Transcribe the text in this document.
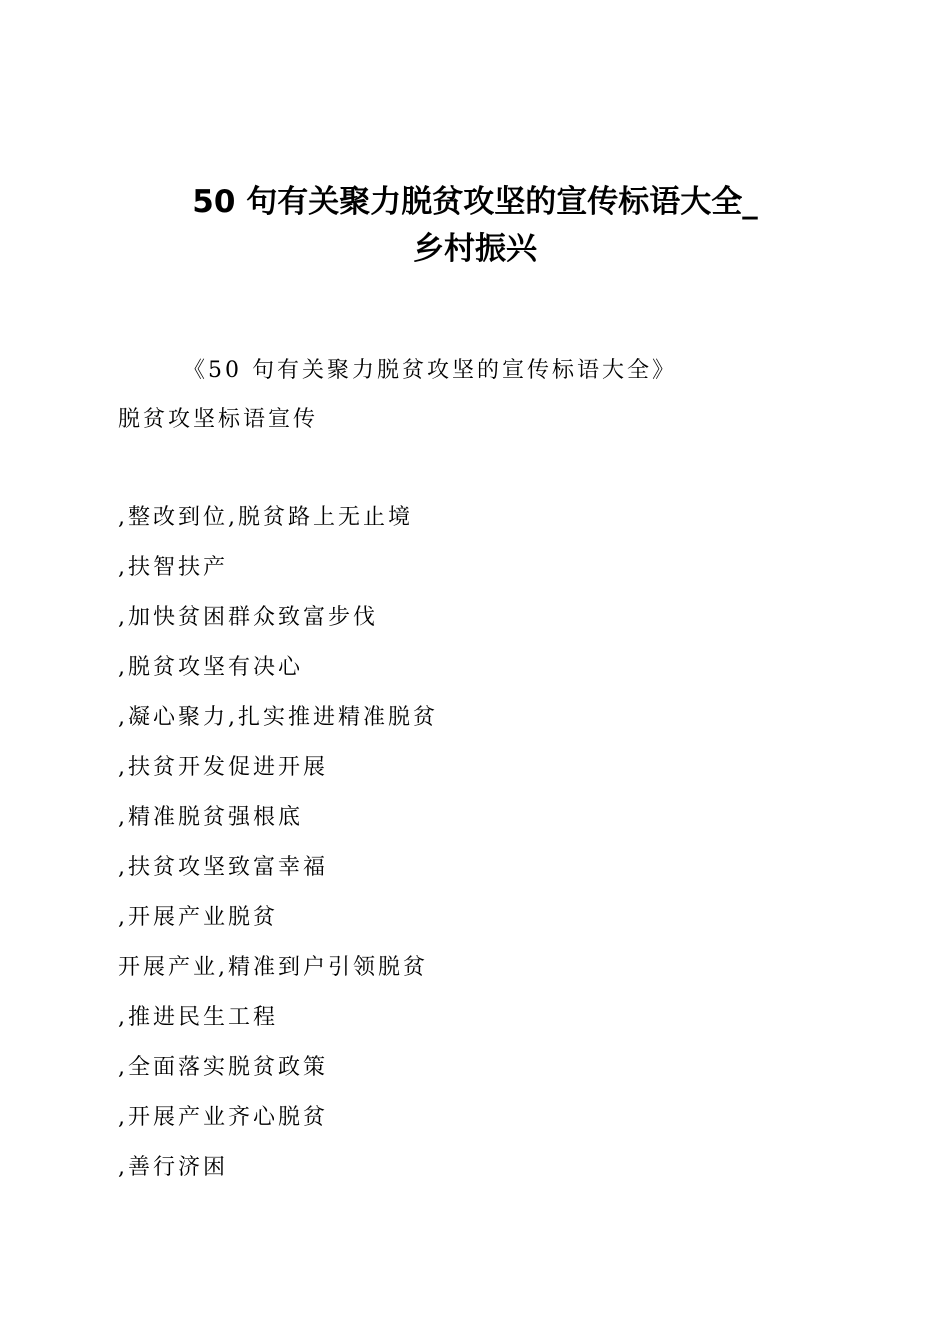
50 句有关聚力脱贫攻坚的宣传标语大全_
乡村振兴

《50 句有关聚力脱贫攻坚的宣传标语大全》

脱贫攻坚标语宣传

,整改到位,脱贫路上无止境
,扶智扶产
,加快贫困群众致富步伐
,脱贫攻坚有决心
,凝心聚力,扎实推进精准脱贫
,扶贫开发促进开展
,精准脱贫强根底
,扶贫攻坚致富幸福
,开展产业脱贫
开展产业,精准到户引领脱贫
,推进民生工程
,全面落实脱贫政策
,开展产业齐心脱贫
,善行济困
